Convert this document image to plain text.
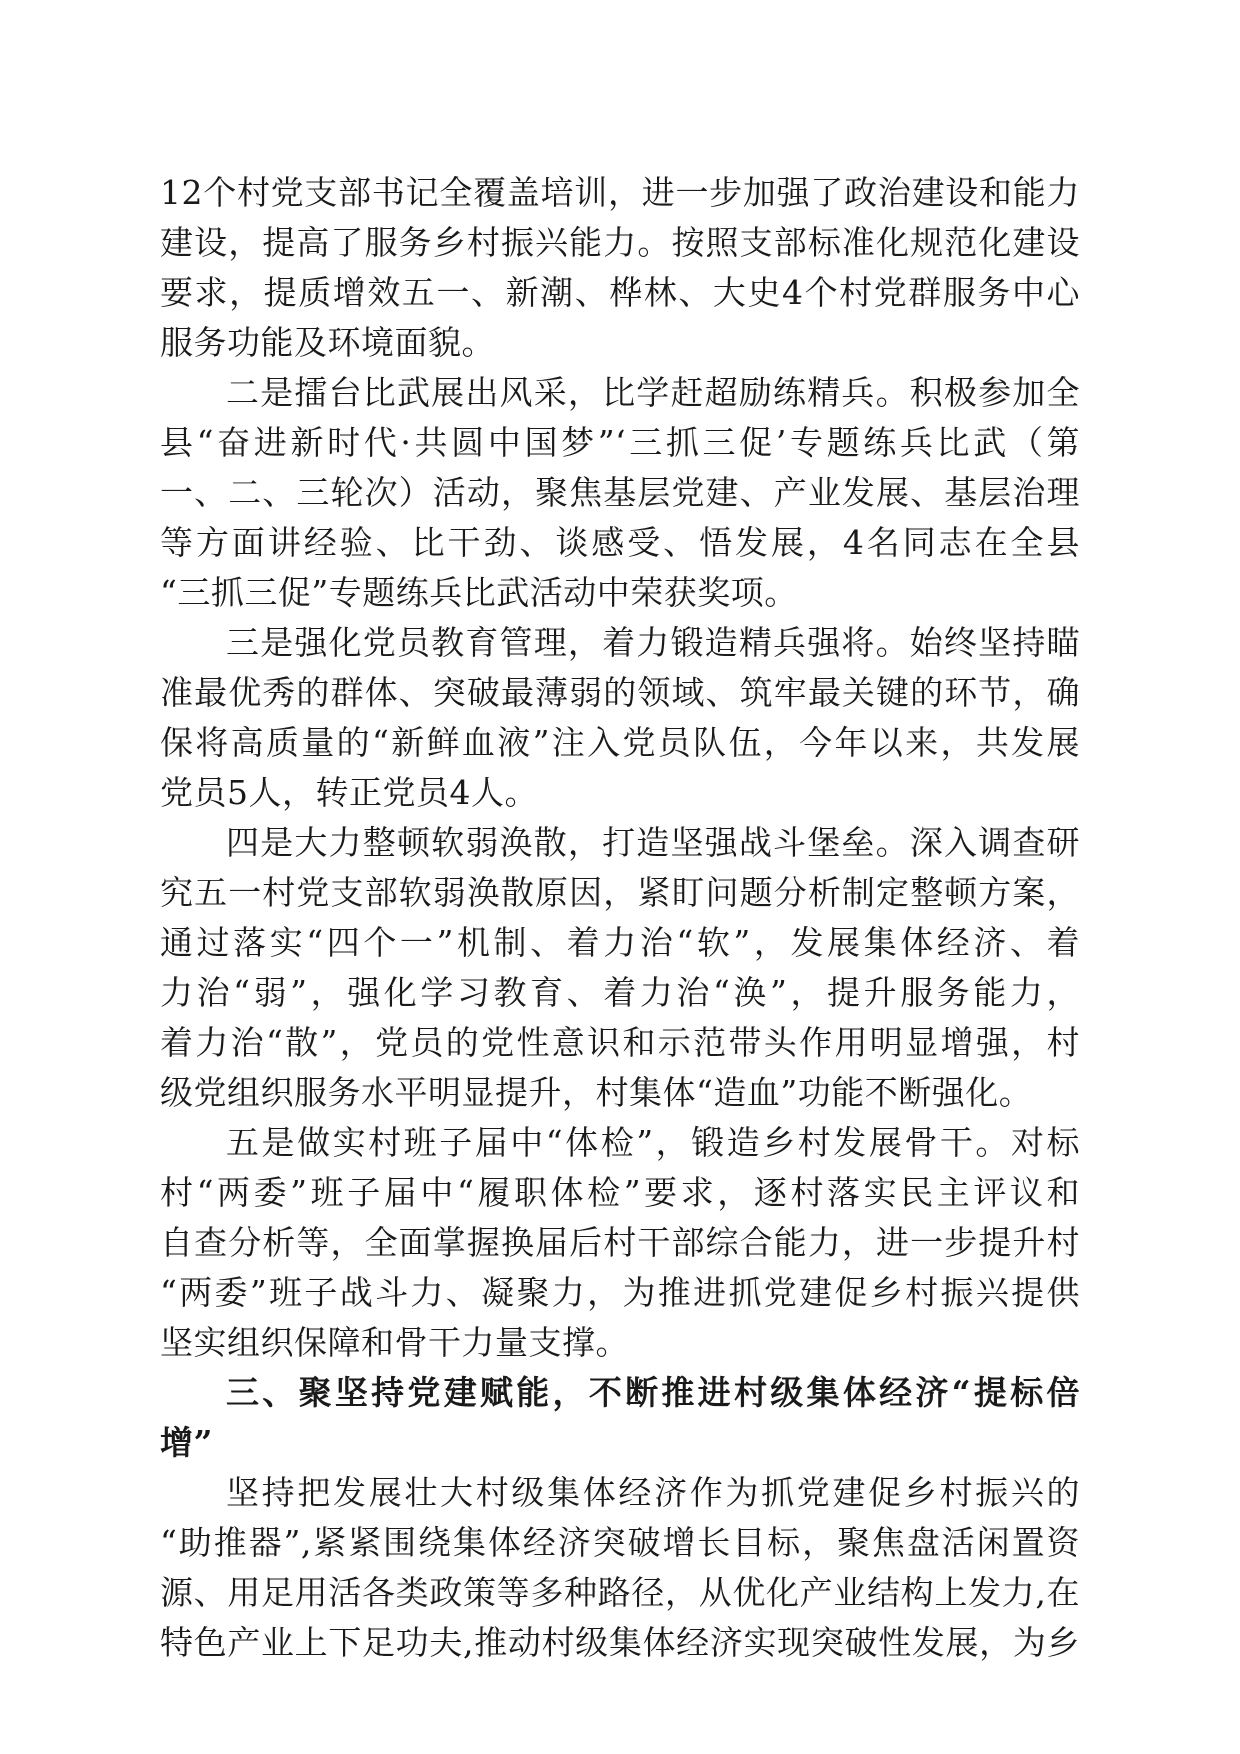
12个村党支部书记全覆盖培训，进一步加强了政治建设和能力
建设，提高了服务乡村振兴能力。按照支部标准化规范化建设
要求，提质增效五一、新潮、桦林、大史4个村党群服务中心
服务功能及环境面貌。
二是擂台比武展出风采，比学赶超励练精兵。积极参加全
县“奋进新时代·共圆中国梦”‘三抓三促’专题练兵比武（第
一、二、三轮次）活动，聚焦基层党建、产业发展、基层治理
等方面讲经验、比干劲、谈感受、悟发展，4名同志在全县
“三抓三促”专题练兵比武活动中荣获奖项。
三是强化党员教育管理，着力锻造精兵强将。始终坚持瞄
准最优秀的群体、突破最薄弱的领域、筑牢最关键的环节，确
保将高质量的“新鲜血液”注入党员队伍，今年以来，共发展
党员5人，转正党员4人。
四是大力整顿软弱涣散，打造坚强战斗堡垒。深入调查研
究五一村党支部软弱涣散原因，紧盯问题分析制定整顿方案，
通过落实“四个一”机制、着力治“软”，发展集体经济、着
力治“弱”，强化学习教育、着力治“涣”，提升服务能力，
着力治“散”，党员的党性意识和示范带头作用明显增强，村
级党组织服务水平明显提升，村集体“造血”功能不断强化。
五是做实村班子届中“体检”，锻造乡村发展骨干。对标
村“两委”班子届中“履职体检”要求，逐村落实民主评议和
自查分析等，全面掌握换届后村干部综合能力，进一步提升村
“两委”班子战斗力、凝聚力，为推进抓党建促乡村振兴提供
坚实组织保障和骨干力量支撑。
三、聚坚持党建赋能，不断推进村级集体经济“提标倍
增”
坚持把发展壮大村级集体经济作为抓党建促乡村振兴的
“助推器”,紧紧围绕集体经济突破增长目标，聚焦盘活闲置资
源、用足用活各类政策等多种路径，从优化产业结构上发力,在
特色产业上下足功夫,推动村级集体经济实现突破性发展，为乡
